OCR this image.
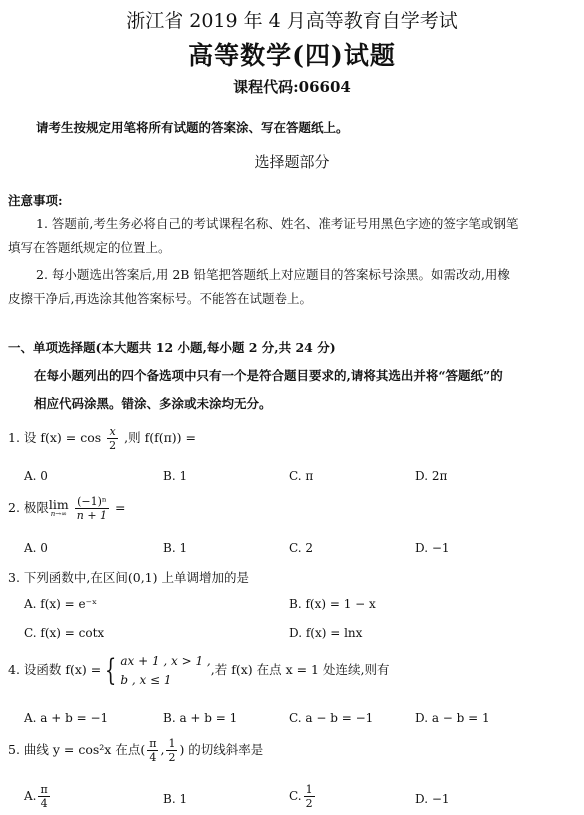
浙江省 2019 年 4 月高等教育自学考试
高等数学(四)试题
课程代码:06604
请考生按规定用笔将所有试题的答案涂、写在答题纸上。
选择题部分
注意事项:
1. 答题前,考生务必将自己的考试课程名称、姓名、准考证号用黑色字迹的签字笔或钢笔
填写在答题纸规定的位置上。
2. 每小题选出答案后,用 2B 铅笔把答题纸上对应题目的答案标号涂黑。如需改动,用橡
皮擦干净后,再选涂其他答案标号。不能答在试题卷上。
一、单项选择题(本大题共 12 小题,每小题 2 分,共 24 分)
在每小题列出的四个备选项中只有一个是符合题目要求的,请将其选出并将“答题纸”的
相应代码涂黑。错涂、多涂或未涂均无分。
1. 设 $f(x) = \cos \frac{x}{2}$ ,则 f(f(π)) =
A. 0	B. 1	C. π	D. 2π
2. 极限lim
n→∞
$\frac{\text{(−1)ⁿ}}{n + 1}$ =
A. 0	B. 1	C. 2	D. −1
3. 下列函数中,在区间(0,1) 上单调增加的是
A. f(x) = e⁻ˣ	B. f(x) = 1 − x
C. f(x) = cotx	D. f(x) = lnx
4. 设函数 f(x) = { ax + 1 , x > 1 ,
b , x ≤ 1
,若 f(x) 在点 x = 1 处连续,则有
A. a + b = −1	B. a + b = 1	C. a − b = −1	D. a − b = 1
5. 曲线 y = cos²x 在点( $\frac{\pi}{4}$ , $\frac{1}{2}$ ) 的切线斜率是
A. $\frac{\pi}{4}$	B. 1	C. $\frac{1}{2}$	D. −1
